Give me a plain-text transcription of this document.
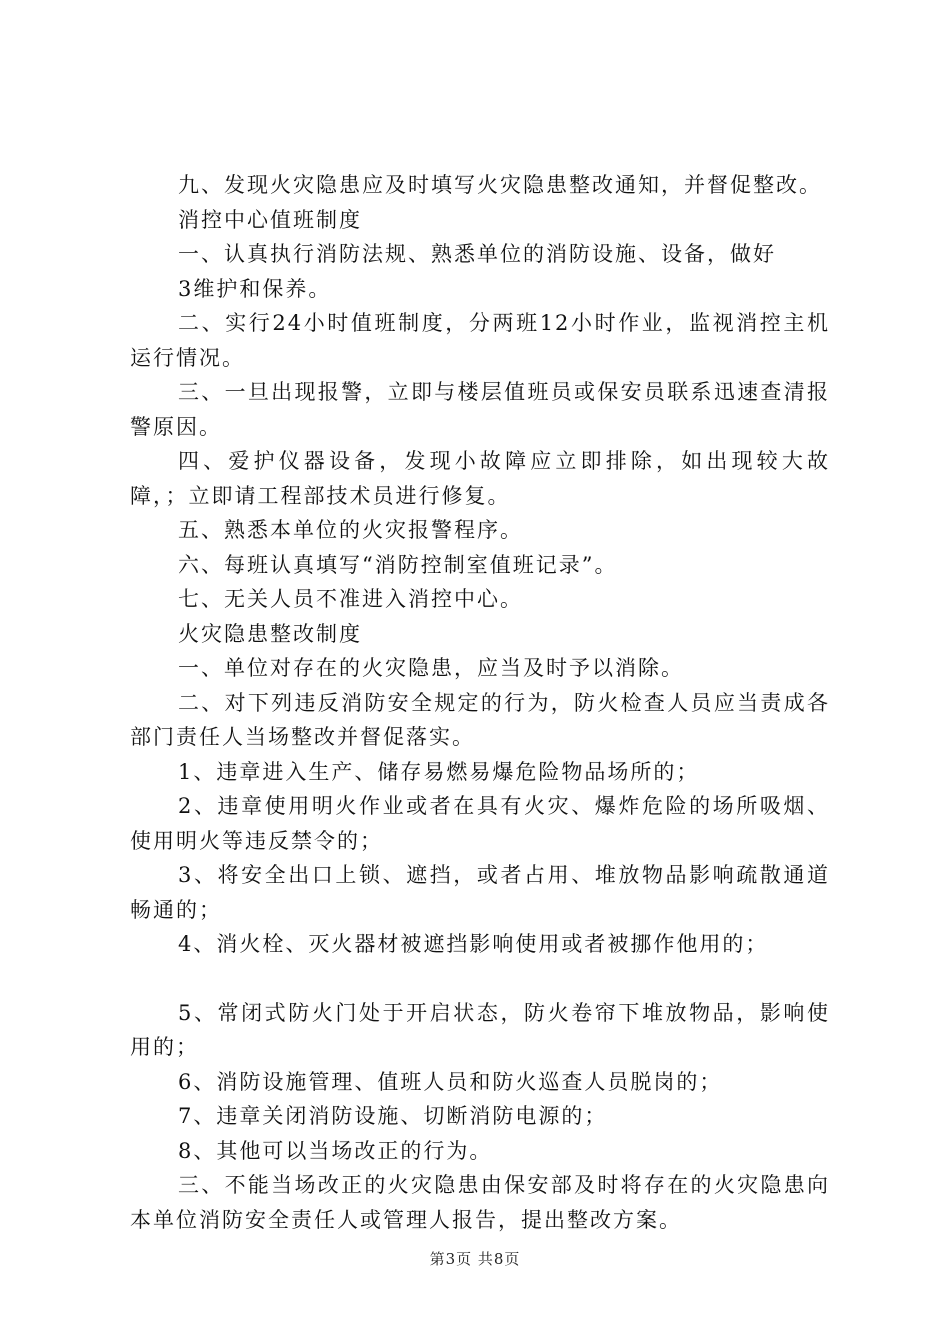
九、发现火灾隐患应及时填写火灾隐患整改通知，并督促整改。

消控中心值班制度

一、认真执行消防法规、熟悉单位的消防设施、设备，做好

3维护和保养。

二、实行24小时值班制度，分两班12小时作业，监视消控主机运行情况。

三、一旦出现报警，立即与楼层值班员或保安员联系迅速查清报警原因。

四、爱护仪器设备，发现小故障应立即排除，如出现较大故障，；立即请工程部技术员进行修复。

五、熟悉本单位的火灾报警程序。

六、每班认真填写“消防控制室值班记录”。

七、无关人员不准进入消控中心。

火灾隐患整改制度

一、单位对存在的火灾隐患，应当及时予以消除。

二、对下列违反消防安全规定的行为，防火检查人员应当责成各部门责任人当场整改并督促落实。

1、违章进入生产、储存易燃易爆危险物品场所的；

2、违章使用明火作业或者在具有火灾、爆炸危险的场所吸烟、使用明火等违反禁令的；

3、将安全出口上锁、遮挡，或者占用、堆放物品影响疏散通道畅通的；

4、消火栓、灭火器材被遮挡影响使用或者被挪作他用的；

5、常闭式防火门处于开启状态，防火卷帘下堆放物品，影响使用的；

6、消防设施管理、值班人员和防火巡查人员脱岗的；

7、违章关闭消防设施、切断消防电源的；

8、其他可以当场改正的行为。

三、不能当场改正的火灾隐患由保安部及时将存在的火灾隐患向本单位消防安全责任人或管理人报告，提出整改方案。

第3页 共8页
